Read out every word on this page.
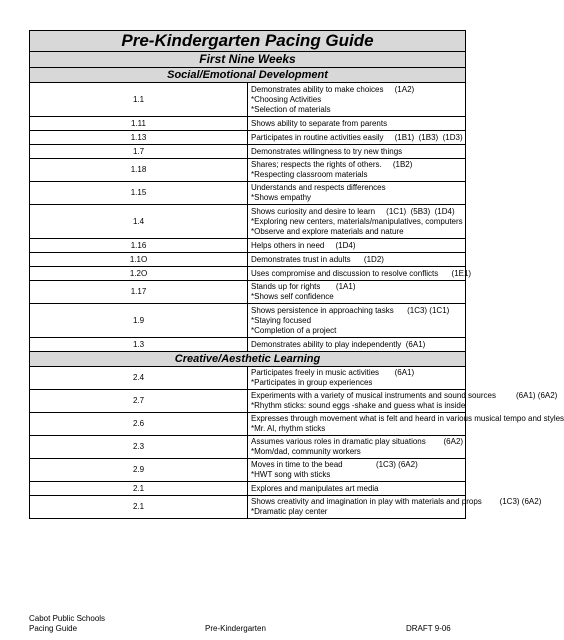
Pre-Kindergarten Pacing Guide	
First Nine Weeks	
Social/Emotional Development	
1.1	Demonstrates ability to make choices     (1A2)
*Choosing Activities
*Selection of materials

1.11	Shows ability to separate from parents

1.13	Participates in routine activities easily     (1B1)  (1B3)  (1D3)

1.7	Demonstrates willingness to try new things

1.18	Shares; respects the rights of others.     (1B2)
*Respecting classroom materials

1.15	Understands and respects differences
*Shows empathy

1.4	Shows curiosity and desire to learn     (1C1)  (5B3)  (1D4)
*Exploring new centers, materials/manipulatives, computers
*Observe and explore materials and nature

1.16	Helps others in need     (1D4)

1.1O	Demonstrates trust in adults      (1D2)

1.2O	Uses compromise and discussion to resolve conflicts      (1E1)

1.17	Stands up for rights       (1A1)
*Shows self confidence

1.9	Shows persistence in approaching tasks      (1C3) (1C1)
*Staying focused
*Completion of a project

1.3	Demonstrates ability to play independently  (6A1)

Creative/Aesthetic Learning	
2.4	Participates freely in music activities       (6A1)
*Participates in group experiences

2.7	Experiments with a variety of musical instruments and sound sources         (6A1) (6A2)
*Rhythm sticks: sound eggs -shake and guess what is inside

2.6	Expresses through movement what is felt and heard in various musical tempo and styles
*Mr. Al, rhythm sticks

2.3	Assumes various roles in dramatic play situations        (6A2)
*Mom/dad, community workers

2.9	Moves in time to the bead               (1C3) (6A2)
*HWT song with sticks

2.1	Explores and manipulates art media

2.1	Shows creativity and imagination in play with materials and props        (1C3) (6A2)
*Dramatic play center
Cabot Public Schools
Pacing Guide	Pre-Kindergarten	DRAFT 9-06
